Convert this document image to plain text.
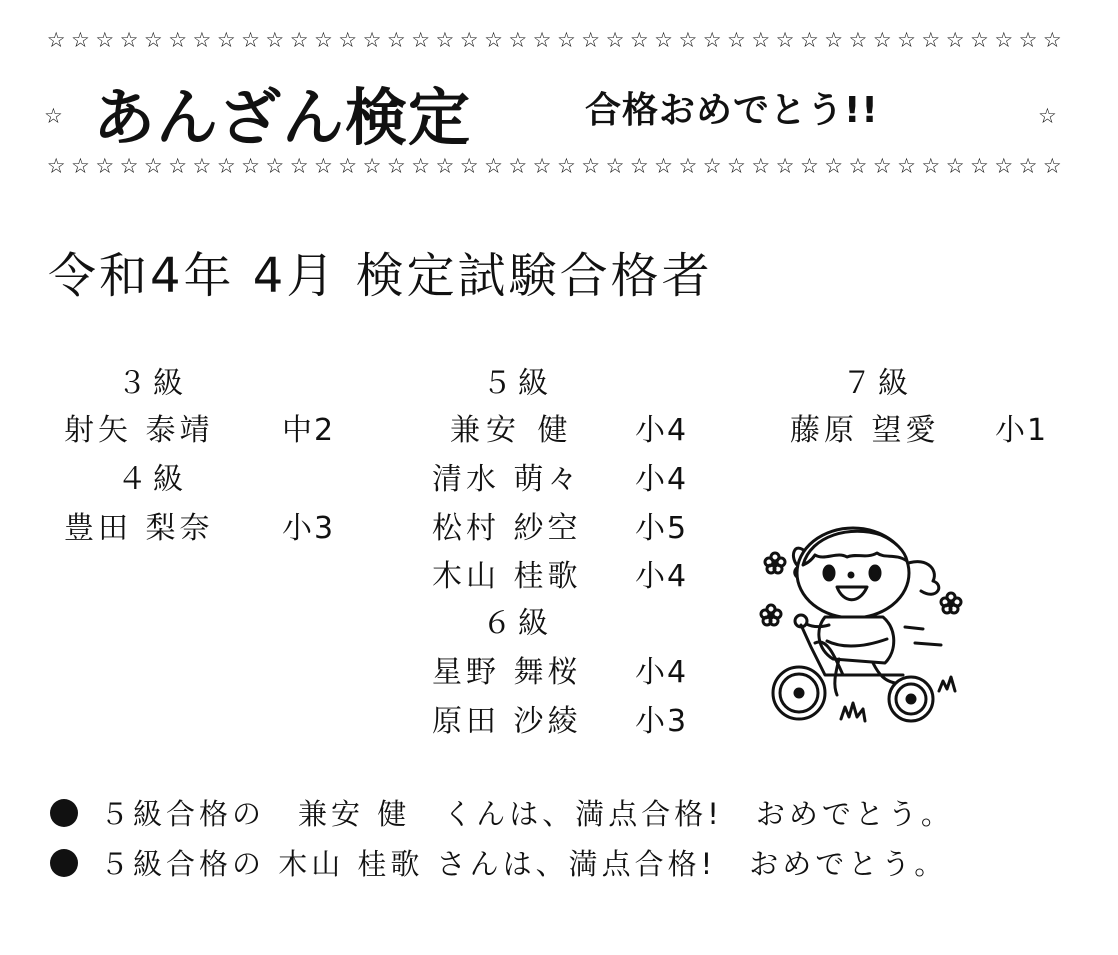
☆ ☆ ☆ ☆ ☆ ☆ ☆ ☆ ☆ ☆ ☆ ☆ ☆ ☆ ☆ ☆ ☆ ☆ ☆ ☆ ☆ ☆ ☆ ☆ ☆ ☆ ☆ ☆ ☆ ☆ ☆ ☆ ☆ ☆ ☆ ☆ ☆ ☆ ☆ ☆ ☆ ☆
☆ あんざん検定	合格おめでとう!!	☆
☆ ☆ ☆ ☆ ☆ ☆ ☆ ☆ ☆ ☆ ☆ ☆ ☆ ☆ ☆ ☆ ☆ ☆ ☆ ☆ ☆ ☆ ☆ ☆ ☆ ☆ ☆ ☆ ☆ ☆ ☆ ☆ ☆ ☆ ☆ ☆ ☆ ☆ ☆ ☆ ☆ ☆
令和4年 4月 検定試験合格者
３級
射矢 泰靖	中2
４級
豊田 梨奈	小3
５級
兼安 健	小4
清水 萌々	小4
松村 紗空	小5
木山 桂歌	小4
６級
星野 舞桜	小4
原田 沙綾	小3
７級
藤原 望愛	小1
５級合格の　兼安 健　くんは、満点合格!　おめでとう。
５級合格の 木山 桂歌 さんは、満点合格!　おめでとう。
